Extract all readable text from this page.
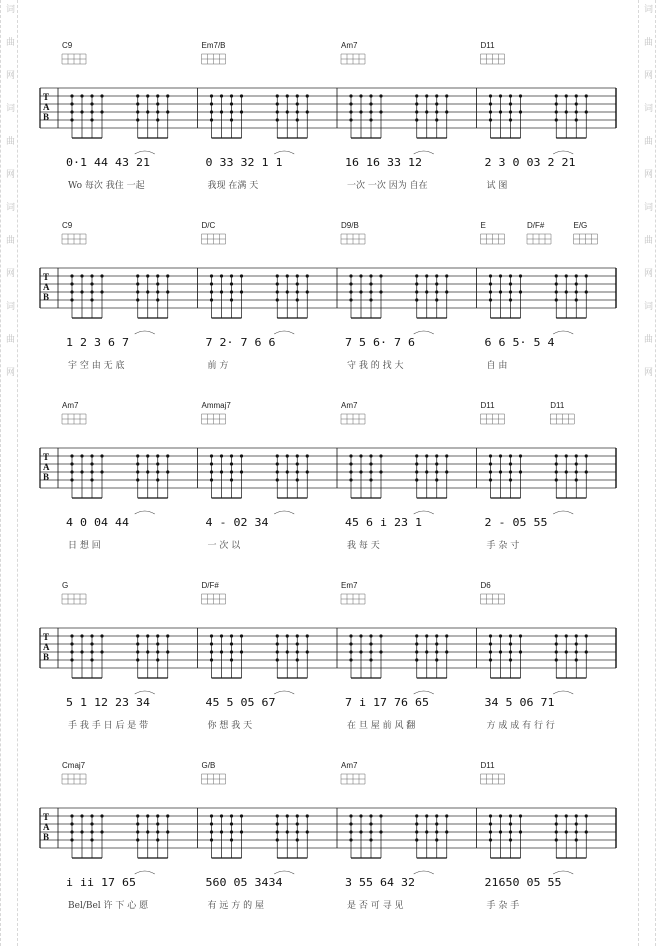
词
曲
网
词
曲
网
词
曲
网
词
曲
网
词
曲
网
词
曲
网
词
曲
网
词
曲
网
C9	Em7/B	Am7	D11
T
A
B
0·1 44 43 21	0 33 32 1 1	16 16 33 12	2 3 0 03 2 21
Wo 每次 我住 一起	我现 在满 天	一次 一次 因为 自在	试 图
C9	D/C	D9/B	E	D/F#	E/G
T
A
B
1 2 3 6 7	7 2· 7 6 6	7 5 6· 7 6	6 6 5· 5 4
宇 空 由 无 底	前 方	守 我 的 找 大	自 由
Am7	Ammaj7	Am7	D11	D11
T
A
B
4 0 04 44	4 - 02 34	45 6 i 23 1	2 - 05 55
日 想 回	一 次 以	我 每 天	手 杂 寸
G	D/F#	Em7	D6
T
A
B
5 1 12 23 34	45 5 05 67	7 i 17 76 65	34 5 06 71
手 我 手 日 后 是 带	你 想 我 天	在 旦 屋 前 风 翻	方 成 成 有 行 行
Cmaj7	G/B	Am7	D11
T
A
B
i ii 17 65	560 05 3434	3 55 64 32	21650 05 55
Bel/Bel 许 下 心 愿	有 远 方 的 屋	是 否 可 寻 见	手 杂 手
